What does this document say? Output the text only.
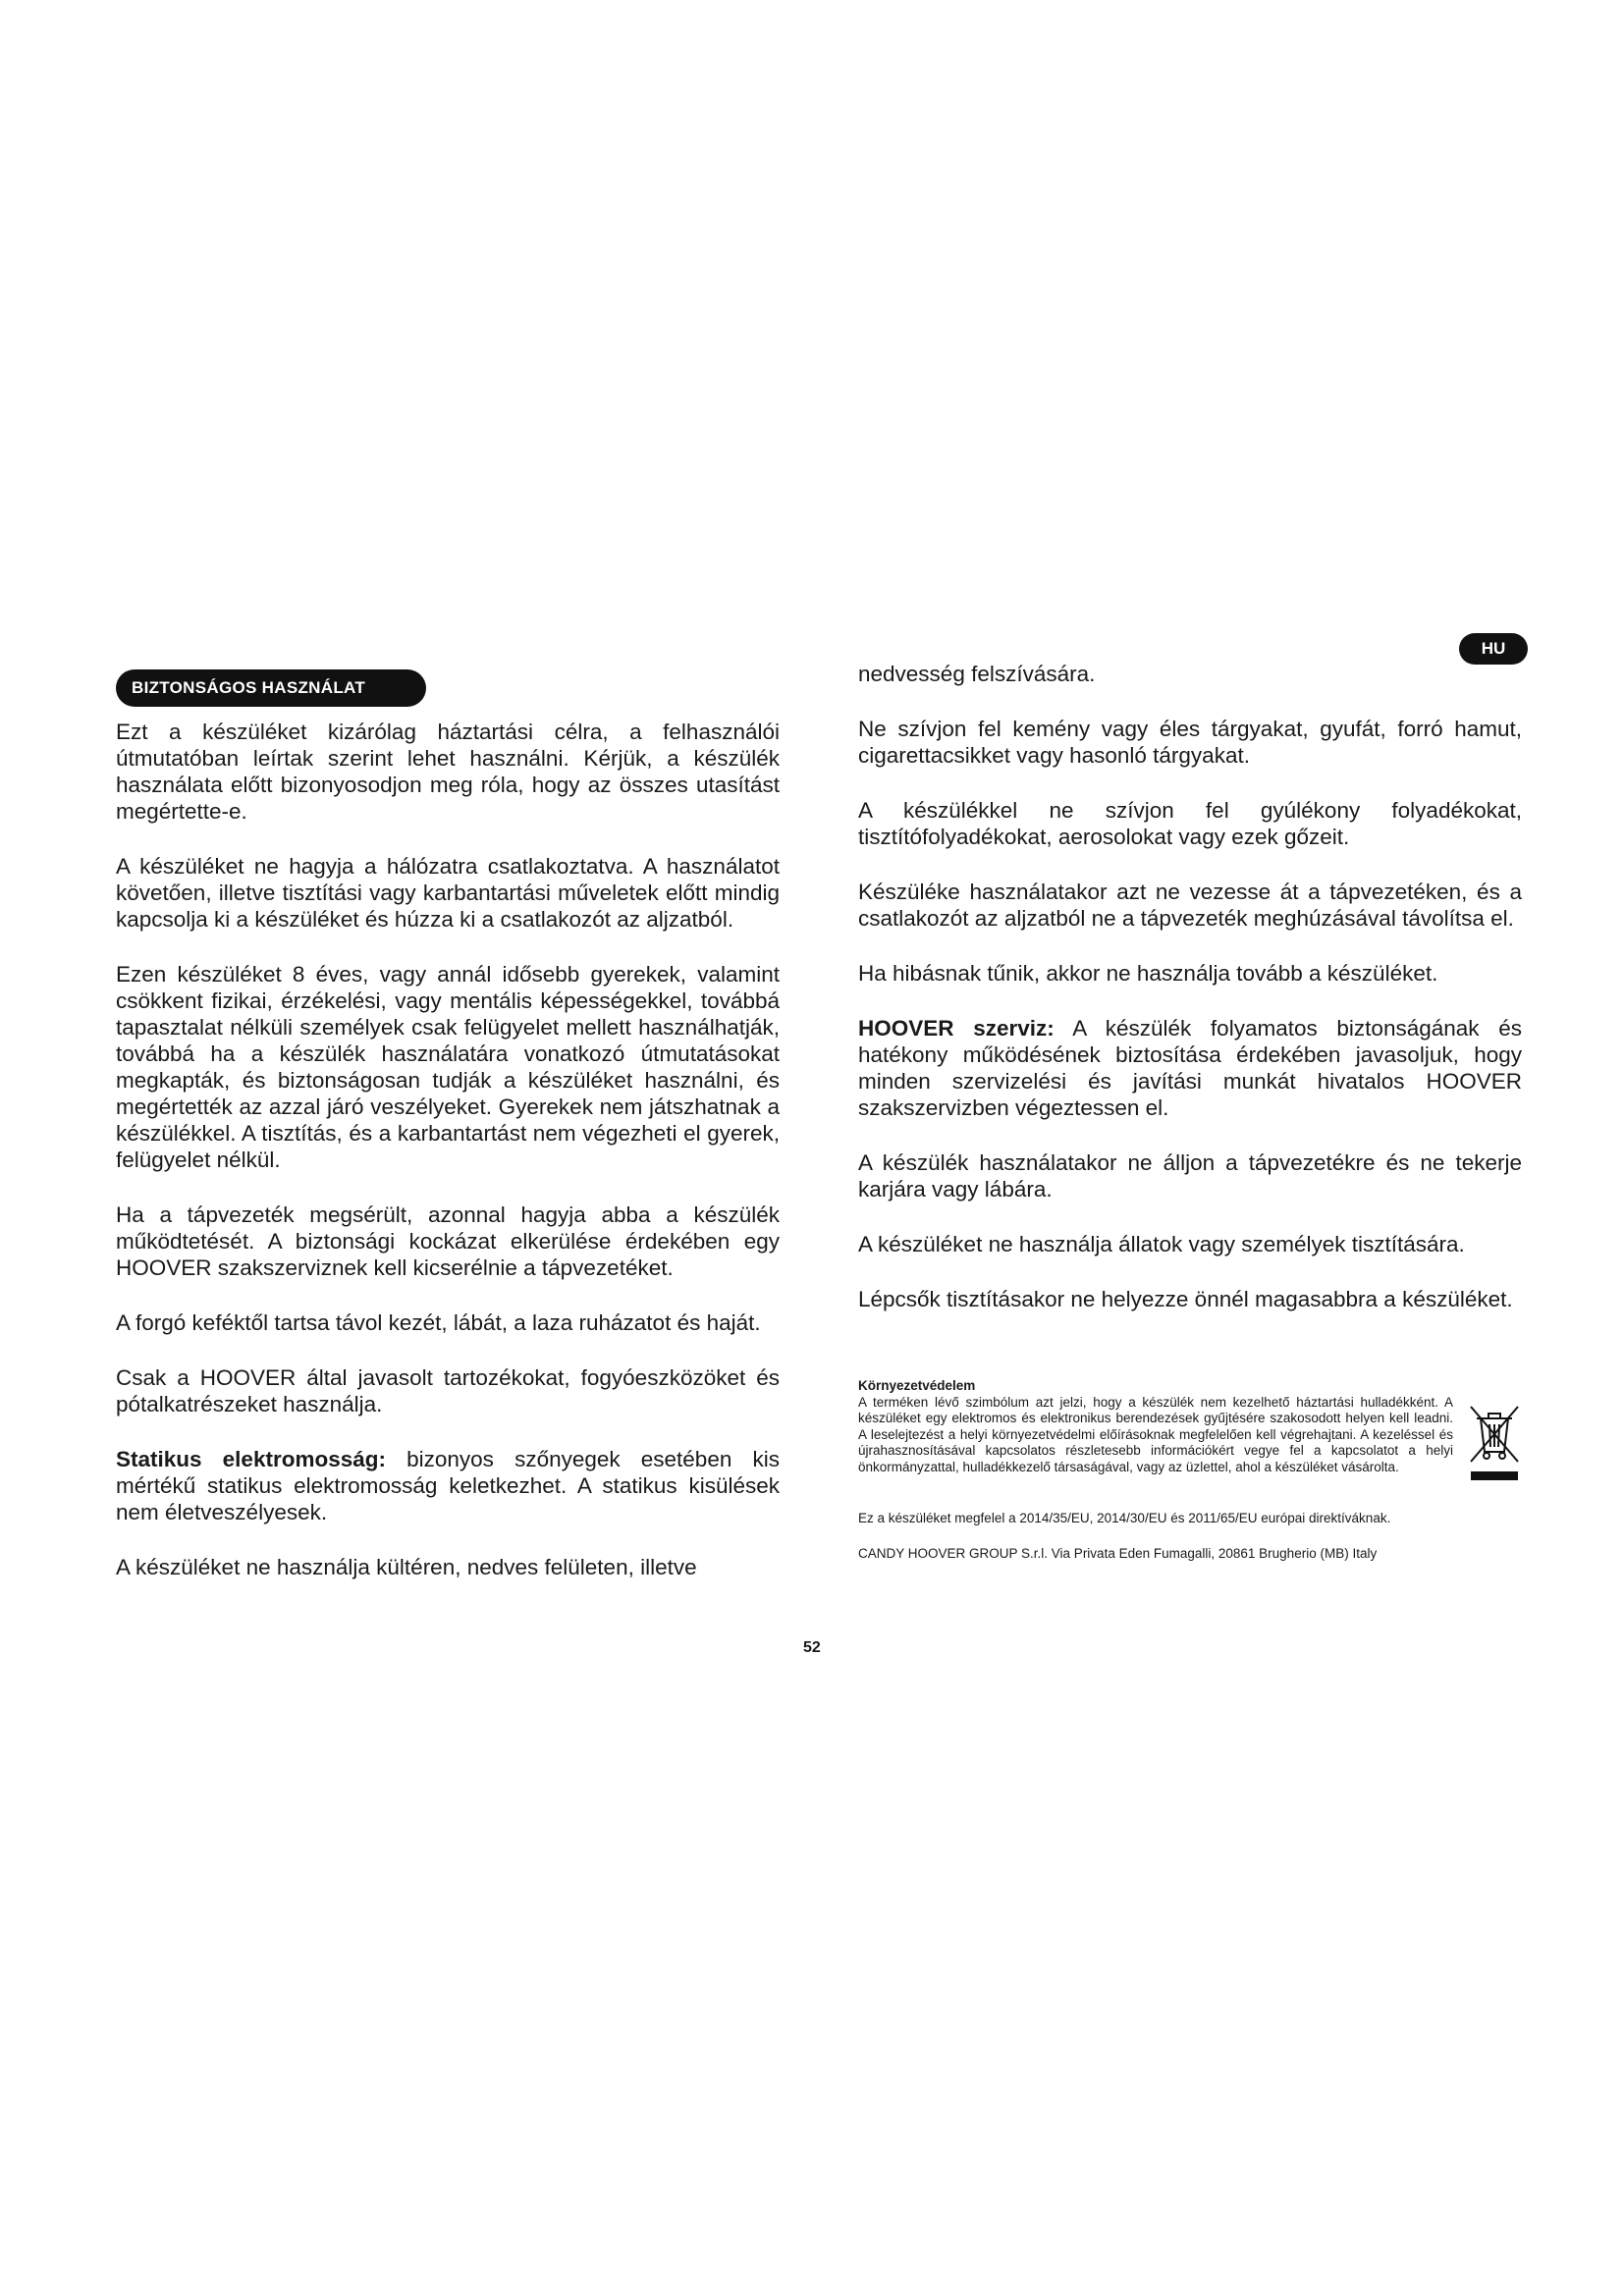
BIZTONSÁGOS HASZNÁLAT
HU

Ezt a készüléket kizárólag háztartási célra, a felhasználói útmutatóban leírtak szerint lehet használni. Kérjük, a készülék használata előtt bizonyosodjon meg róla, hogy az összes utasítást megértette-e.

A készüléket ne hagyja a hálózatra csatlakoztatva. A használatot követően, illetve tisztítási vagy karbantartási műveletek előtt mindig kapcsolja ki a készüléket és húzza ki a csatlakozót az aljzatból.

Ezen készüléket 8 éves, vagy annál idősebb gyerekek, valamint csökkent fizikai, érzékelési, vagy mentális képességekkel, továbbá tapasztalat nélküli személyek csak felügyelet mellett használhatják, továbbá ha a készülék használatára vonatkozó útmutatásokat megkapták, és biztonságosan tudják a készüléket használni, és megértették az azzal járó veszélyeket. Gyerekek nem játszhatnak a készülékkel. A tisztítás, és a karbantartást nem végezheti el gyerek, felügyelet nélkül.

Ha a tápvezeték megsérült, azonnal hagyja abba a készülék működtetését. A biztonsági kockázat elkerülése érdekében egy HOOVER szakszerviznek kell kicserélnie a tápvezetéket.

A forgó keféktől tartsa távol kezét, lábát, a laza ruházatot és haját.

Csak a HOOVER által javasolt tartozékokat, fogyóeszközöket és pótalkatrészeket használja.

Statikus elektromosság: bizonyos szőnyegek esetében kis mértékű statikus elektromosság keletkezhet. A statikus kisülések nem életveszélyesek.

A készüléket ne használja kültéren, nedves felületen, illetve

nedvesség felszívására.

Ne szívjon fel kemény vagy éles tárgyakat, gyufát, forró hamut, cigarettacsikket vagy hasonló tárgyakat.

A készülékkel ne szívjon fel gyúlékony folyadékokat, tisztítófolyadékokat, aerosolokat vagy ezek gőzeit.

Készüléke használatakor azt ne vezesse át a tápvezetéken, és a csatlakozót az aljzatból ne a tápvezeték meghúzásával távolítsa el.

Ha hibásnak tűnik, akkor ne használja tovább a készüléket.

HOOVER szerviz: A készülék folyamatos biztonságának és hatékony működésének biztosítása érdekében javasoljuk, hogy minden szervizelési és javítási munkát hivatalos HOOVER szakszervizben végeztessen el.

A készülék használatakor ne álljon a tápvezetékre és ne tekerje karjára vagy lábára.

A készüléket ne használja állatok vagy személyek tisztítására.

Lépcsők tisztításakor ne helyezze önnél magasabbra a készüléket.

Környezetvédelem

A terméken lévő szimbólum azt jelzi, hogy a készülék nem kezelhető háztartási hulladékként. A készüléket egy elektromos és elektronikus berendezések gyűjtésére szakosodott helyen kell leadni. A leselejtezést a helyi környezetvédelmi előírásoknak megfelelően kell végrehajtani. A kezeléssel és újrahasznosításával kapcsolatos részletesebb információkért vegye fel a kapcsolatot a helyi önkormányzattal, hulladékkezelő társaságával, vagy az üzlettel, ahol a készüléket vásárolta.

Ez a készüléket megfelel a 2014/35/EU, 2014/30/EU és 2011/65/EU európai direktíváknak.

CANDY HOOVER GROUP S.r.l. Via Privata Eden Fumagalli, 20861 Brugherio (MB) Italy

52
